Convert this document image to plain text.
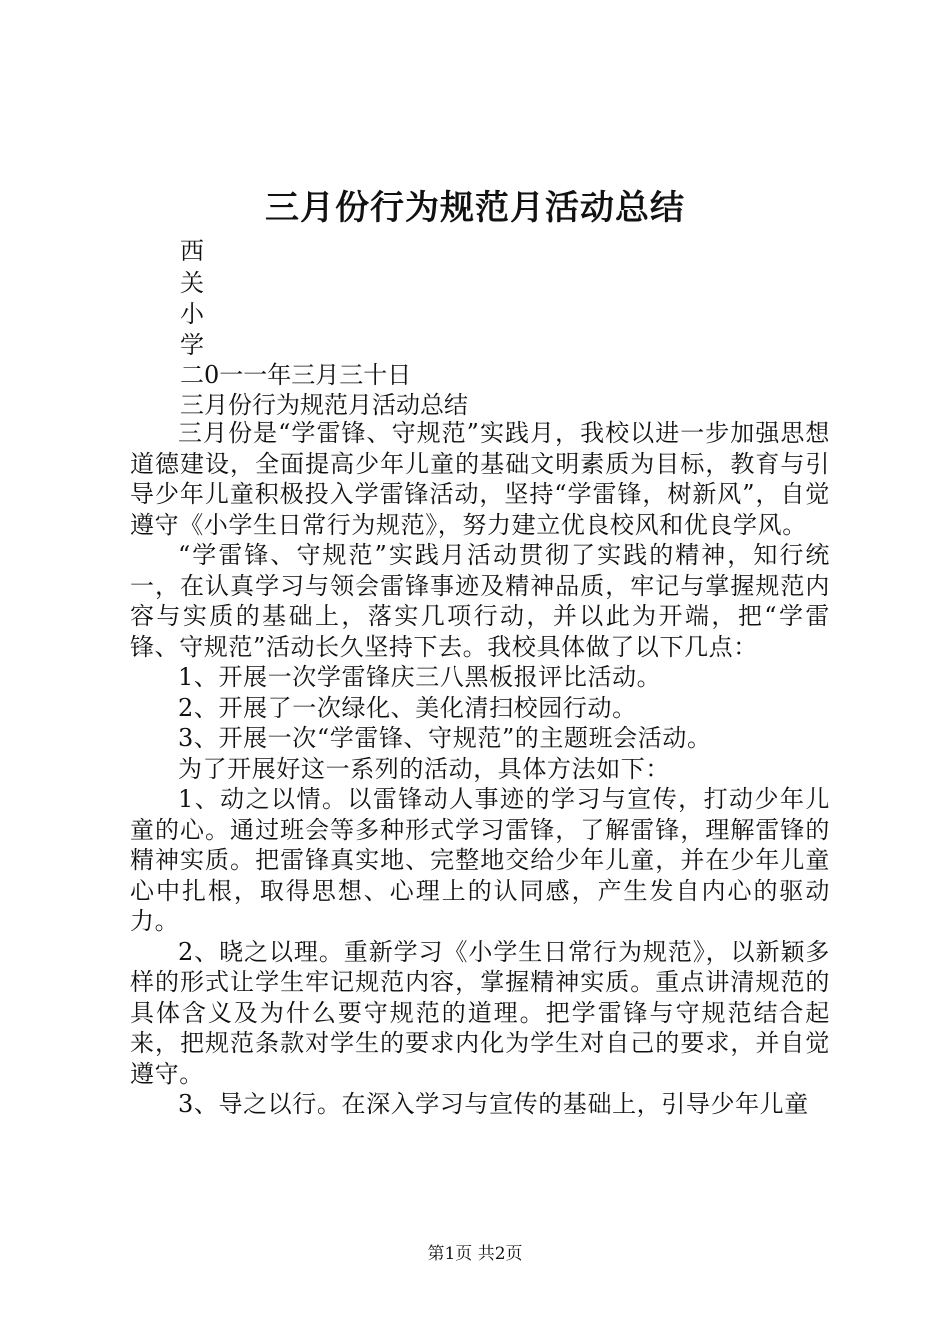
三月份行为规范月活动总结
西
关
小
学
二0一一年三月三十日
三月份行为规范月活动总结

三月份是“学雷锋、守规范”实践月，我校以进一步加强思想道德建设，全面提高少年儿童的基础文明素质为目标，教育与引导少年儿童积极投入学雷锋活动，坚持“学雷锋，树新风”，自觉遵守《小学生日常行为规范》，努力建立优良校风和优良学风。

“学雷锋、守规范”实践月活动贯彻了实践的精神，知行统一，在认真学习与领会雷锋事迹及精神品质，牢记与掌握规范内容与实质的基础上，落实几项行动，并以此为开端，把“学雷锋、守规范”活动长久坚持下去。我校具体做了以下几点：

1、开展一次学雷锋庆三八黑板报评比活动。

2、开展了一次绿化、美化清扫校园行动。

3、开展一次“学雷锋、守规范”的主题班会活动。

为了开展好这一系列的活动，具体方法如下：

1、动之以情。以雷锋动人事迹的学习与宣传，打动少年儿童的心。通过班会等多种形式学习雷锋，了解雷锋，理解雷锋的精神实质。把雷锋真实地、完整地交给少年儿童，并在少年儿童心中扎根，取得思想、心理上的认同感，产生发自内心的驱动力。

2、晓之以理。重新学习《小学生日常行为规范》，以新颖多样的形式让学生牢记规范内容，掌握精神实质。重点讲清规范的具体含义及为什么要守规范的道理。把学雷锋与守规范结合起来，把规范条款对学生的要求内化为学生对自己的要求，并自觉遵守。

3、导之以行。在深入学习与宣传的基础上，引导少年儿童

第1页 共2页
